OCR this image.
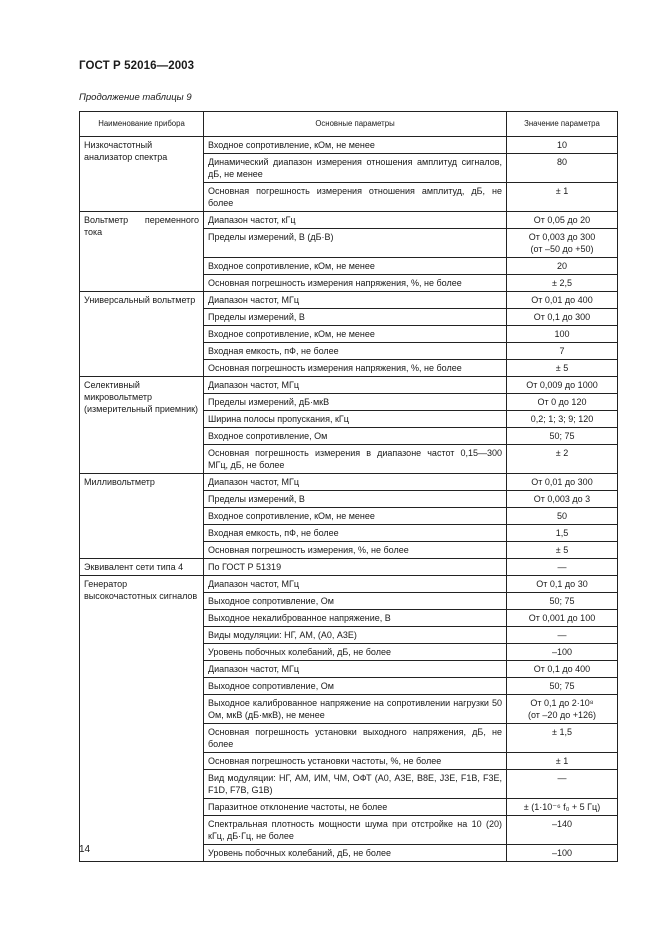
ГОСТ Р 52016—2003
Продолжение таблицы 9
Наименование прибора	Основные параметры	Значение параметра
Низкочастотный анализатор спектра	Входное сопротивление, кОм, не менее	10
	Динамический диапазон измерения отношения амплитуд сигналов, дБ, не менее	80
	Основная погрешность измерения отношения амплитуд, дБ, не более	± 1
Вольтметр переменного тока	Диапазон частот, кГц	От 0,05 до 20
	Пределы измерений, В (дБ·В)	От 0,003 до 300
(от –50 до +50)
	Входное сопротивление, кОм, не менее	20
	Основная погрешность измерения напряжения, %, не более	± 2,5
Универсальный вольтметр	Диапазон частот, МГц	От 0,01 до 400
	Пределы измерений, В	От 0,1 до 300
	Входное сопротивление, кОм, не менее	100
	Входная емкость, пФ, не более	7
	Основная погрешность измерения напряжения, %, не более	± 5
Селективный микровольтметр (измерительный приемник)	Диапазон частот, МГц	От 0,009 до 1000
	Пределы измерений, дБ·мкВ	От 0 до 120
	Ширина полосы пропускания, кГц	0,2; 1; 3; 9; 120
	Входное сопротивление, Ом	50; 75
	Основная погрешность измерения в диапазоне частот 0,15—300 МГц, дБ, не более	± 2
Милливольтметр	Диапазон частот, МГц	От 0,01 до 300
	Пределы измерений, В	От 0,003 до 3
	Входное сопротивление, кОм, не менее	50
	Входная емкость, пФ, не более	1,5
	Основная погрешность измерения, %, не более	± 5
Эквивалент сети типа 4	По ГОСТ Р 51319	—
Генератор высокочастотных сигналов	Диапазон частот, МГц	От 0,1 до 30
	Выходное сопротивление, Ом	50; 75
	Выходное некалиброванное напряжение, В	От 0,001 до 100
	Виды модуляции: НГ, АМ, (А0, А3Е)	—
	Уровень побочных колебаний, дБ, не более	–100
	Диапазон частот, МГц	От 0,1 до 400
	Выходное сопротивление, Ом	50; 75
	Выходное калиброванное напряжение на сопротивлении нагрузки 50 Ом, мкВ (дБ·мкВ), не менее	От 0,1 до 2·10⁸
(от –20 до +126)
	Основная погрешность установки выходного напряжения, дБ, не более	± 1,5
	Основная погрешность установки частоты, %, не более	± 1
	Вид модуляции: НГ, АМ, ИМ, ЧМ, ОФТ (А0, А3Е, В8Е, J3E, F1B, F3E, F1D, F7B, G1B)	—
	Паразитное отклонение частоты, не более	± (1·10⁻⁶ f₀ + 5 Гц)
	Спектральная плотность мощности шума при отстройке на 10 (20) кГц, дБ·Гц, не более	–140
	Уровень побочных колебаний, дБ, не более	–100
14
